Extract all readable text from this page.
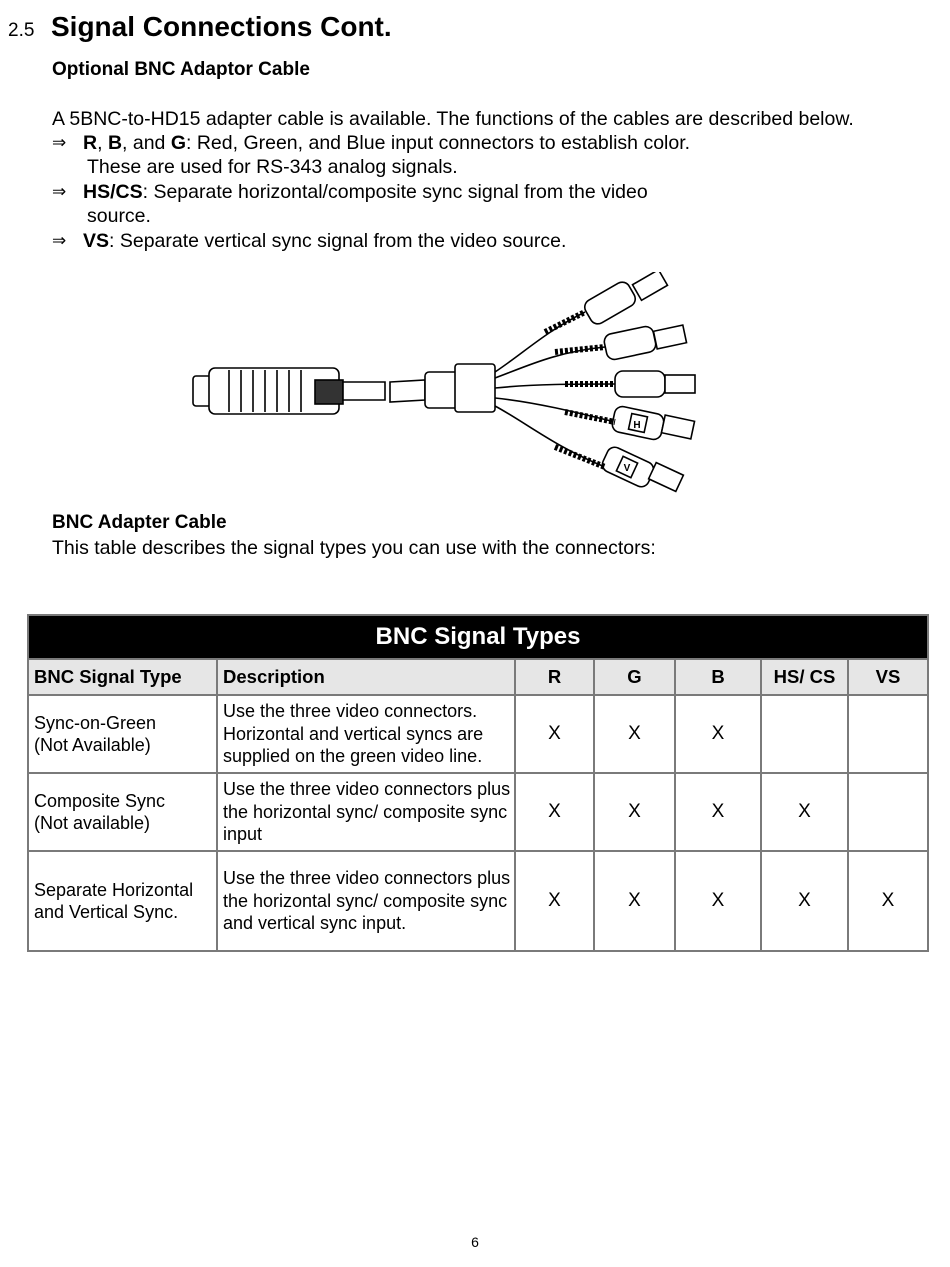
2.5 Signal Connections Cont.
Optional BNC Adaptor Cable
A 5BNC-to-HD15 adapter cable is available. The functions of the cables are described below.
⇒ R, B, and G: Red, Green, and Blue input connectors to establish color.
These are used for RS-343 analog signals.
⇒ HS/CS: Separate horizontal/composite sync signal from the video
source.
⇒ VS: Separate vertical sync signal from the video source.
H
V
BNC Adapter Cable
This table describes the signal types you can use with the connectors:
BNC Signal Types						
BNC Signal Type	Description	R	G	B	HS/ CS	VS
Sync-on-Green
(Not Available)	Use the three video connectors. Horizontal and vertical syncs are supplied on the green video line.	X	X	X		
Composite Sync
(Not available)	Use the three video connectors plus the horizontal sync/ composite sync input	X	X	X	X	
Separate Horizontal
and Vertical Sync.	Use the three video connectors plus the horizontal sync/ composite sync and vertical sync input.	X	X	X	X	X
6
